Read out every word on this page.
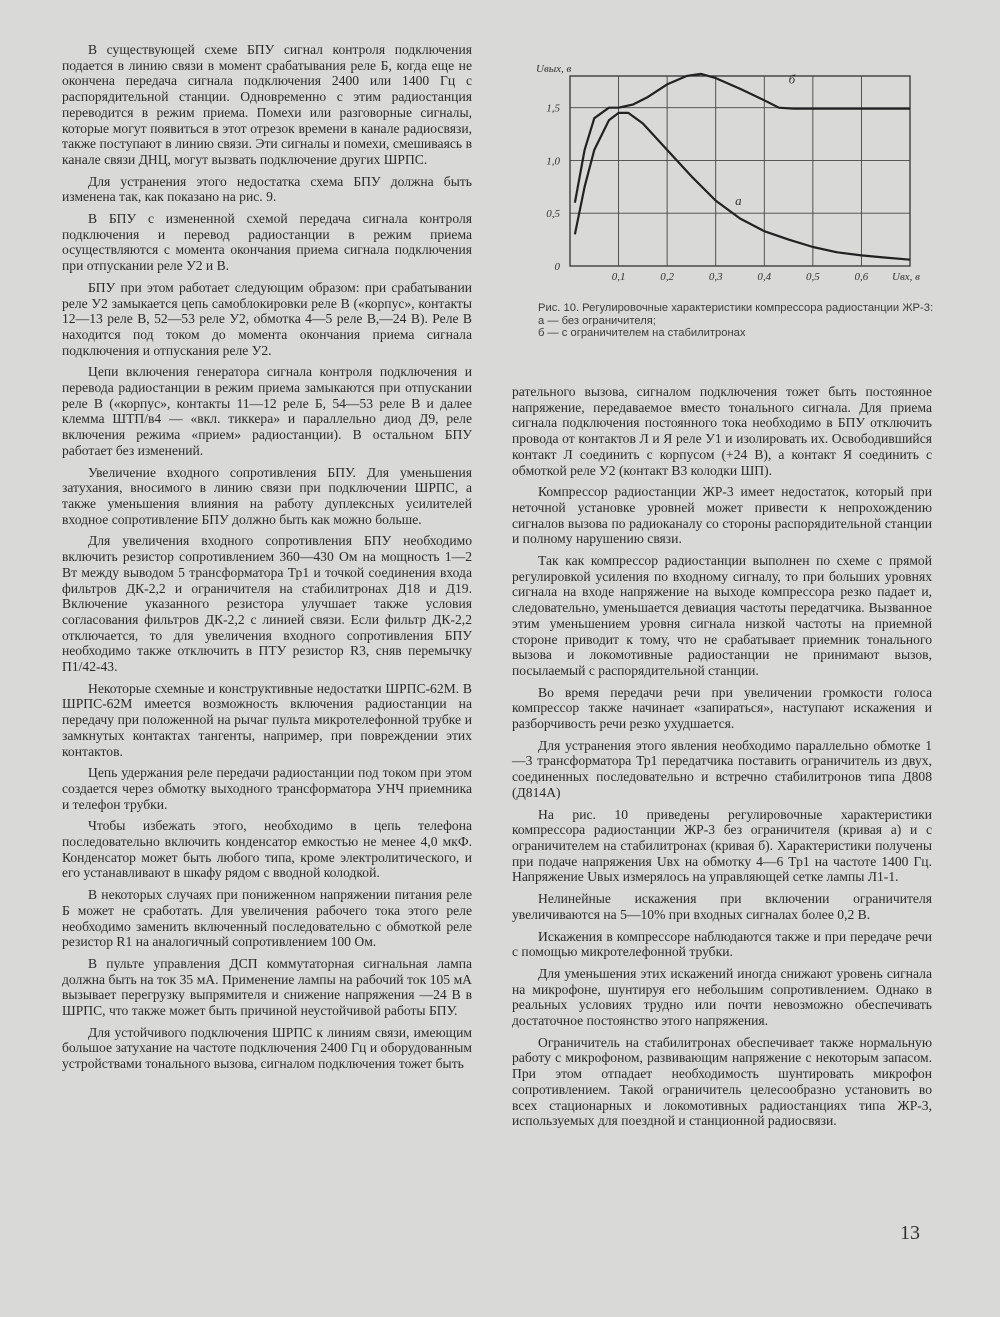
В существующей схеме БПУ сигнал контроля подключения подается в линию связи в момент срабатывания реле Б, когда еще не окончена передача сигнала подключения 2400 или 1400 Гц с распорядительной станции. Одновременно с этим радиостанция переводится в режим приема. Помехи или разговорные сигналы, которые могут появиться в этот отрезок времени в канале радиосвязи, также поступают в линию связи. Эти сигналы и помехи, смешиваясь в канале связи ДНЦ, могут вызвать подключение других ШРПС.

Для устранения этого недостатка схема БПУ должна быть изменена так, как показано на рис. 9.

В БПУ с измененной схемой передача сигнала контроля подключения и перевод радиостанции в режим приема осуществляются с момента окончания приема сигнала подключения при отпускании реле У2 и В.

БПУ при этом работает следующим образом: при срабатывании реле У2 замыкается цепь самоблокировки реле В («корпус», контакты 12—13 реле В, 52—53 реле У2, обмотка 4—5 реле В,—24 В). Реле В находится под током до момента окончания приема сигнала подключения и отпускания реле У2.

Цепи включения генератора сигнала контроля подключения и перевода радиостанции в режим приема замыкаются при отпускании реле В («корпус», контакты 11—12 реле Б, 54—53 реле В и далее клемма ШТП/в4 — «вкл. тиккера» и параллельно диод Д9, реле включения режима «прием» радиостанции). В остальном БПУ работает без изменений.

Увеличение входного сопротивления БПУ. Для уменьшения затухания, вносимого в линию связи при подключении ШРПС, а также уменьшения влияния на работу дуплексных усилителей входное сопротивление БПУ должно быть как можно больше.

Для увеличения входного сопротивления БПУ необходимо включить резистор сопротивлением 360—430 Ом на мощность 1—2 Вт между выводом 5 трансформатора Тр1 и точкой соединения входа фильтров ДК-2,2 и ограничителя на стабилитронах Д18 и Д19. Включение указанного резистора улучшает также условия согласования фильтров ДК-2,2 с линией связи. Если фильтр ДК-2,2 отключается, то для увеличения входного сопротивления БПУ необходимо также отключить в ПТУ резистор R3, сняв перемычку П1/42-43.

Некоторые схемные и конструктивные недостатки ШРПС-62М. В ШРПС-62М имеется возможность включения радиостанции на передачу при положенной на рычаг пульта микротелефонной трубке и замкнутых контактах тангенты, например, при повреждении этих контактов.

Цепь удержания реле передачи радиостанции под током при этом создается через обмотку выходного трансформатора УНЧ приемника и телефон трубки.

Чтобы избежать этого, необходимо в цепь телефона последовательно включить конденсатор емкостью не менее 4,0 мкФ. Конденсатор может быть любого типа, кроме электролитического, и его устанавливают в шкафу рядом с вводной колодкой.

В некоторых случаях при пониженном напряжении питания реле Б может не сработать. Для увеличения рабочего тока этого реле необходимо заменить включенный последовательно с обмоткой реле резистор R1 на аналогичный сопротивлением 100 Ом.

В пульте управления ДСП коммутаторная сигнальная лампа должна быть на ток 35 мА. Применение лампы на рабочий ток 105 мА вызывает перегрузку выпрямителя и снижение напряжения —24 В в ШРПС, что также может быть причиной неустойчивой работы БПУ.

Для устойчивого подключения ШРПС к линиям связи, имеющим большое затухание на частоте подключения 2400 Гц и оборудованным устройствами тонального вызова, сигналом подключения тожет быть

0,1	0,2	0,3	0,4	0,5	0,6
0
0,5
1,0
1,5
Uвых, в
Uвх, в
а
б
Рис. 10. Регулировочные характеристики компрессора радиостанции ЖР-3:
а — без ограничителя;
б — с ограничителем на стабилитронах

рательного вызова, сигналом подключения тожет быть постоянное напряжение, передаваемое вместо тонального сигнала. Для приема сигнала подключения постоянного тока необходимо в БПУ отключить провода от контактов Л и Я реле У1 и изолировать их. Освободившийся контакт Л соединить с корпусом (+24 В), а контакт Я соединить с обмоткой реле У2 (контакт В3 колодки ШП).

Компрессор радиостанции ЖР-3 имеет недостаток, который при неточной установке уровней может привести к непрохождению сигналов вызова по радиоканалу со стороны распорядительной станции и полному нарушению связи.

Так как компрессор радиостанции выполнен по схеме с прямой регулировкой усиления по входному сигналу, то при больших уровнях сигнала на входе напряжение на выходе компрессора резко падает и, следовательно, уменьшается девиация частоты передатчика. Вызванное этим уменьшением уровня сигнала низкой частоты на приемной стороне приводит к тому, что не срабатывает приемник тонального вызова и локомотивные радиостанции не принимают вызов, посылаемый с распорядительной станции.

Во время передачи речи при увеличении громкости голоса компрессор также начинает «запираться», наступают искажения и разборчивость речи резко ухудшается.

Для устранения этого явления необходимо параллельно обмотке 1—3 трансформатора Тр1 передатчика поставить ограничитель из двух, соединенных последовательно и встречно стабилитронов типа Д808 (Д814А)

На рис. 10 приведены регулировочные характеристики компрессора радиостанции ЖР-3 без ограничителя (кривая а) и с ограничителем на стабилитронах (кривая б). Характеристики получены при подаче напряжения Uвх на обмотку 4—6 Тр1 на частоте 1400 Гц. Напряжение Uвых измерялось на управляющей сетке лампы Л1-1.

Нелинейные искажения при включении ограничителя увеличиваются на 5—10% при входных сигналах более 0,2 В.

Искажения в компрессоре наблюдаются также и при передаче речи с помощью микротелефонной трубки.

Для уменьшения этих искажений иногда снижают уровень сигнала на микрофоне, шунтируя его небольшим сопротивлением. Однако в реальных условиях трудно или почти невозможно обеспечивать достаточное постоянство этого напряжения.

Ограничитель на стабилитронах обеспечивает также нормальную работу с микрофоном, развивающим напряжение с некоторым запасом. При этом отпадает необходимость шунтировать микрофон сопротивлением. Такой ограничитель целесообразно установить во всех стационарных и локомотивных радиостанциях типа ЖР-3, используемых для поездной и станционной радиосвязи.

13
